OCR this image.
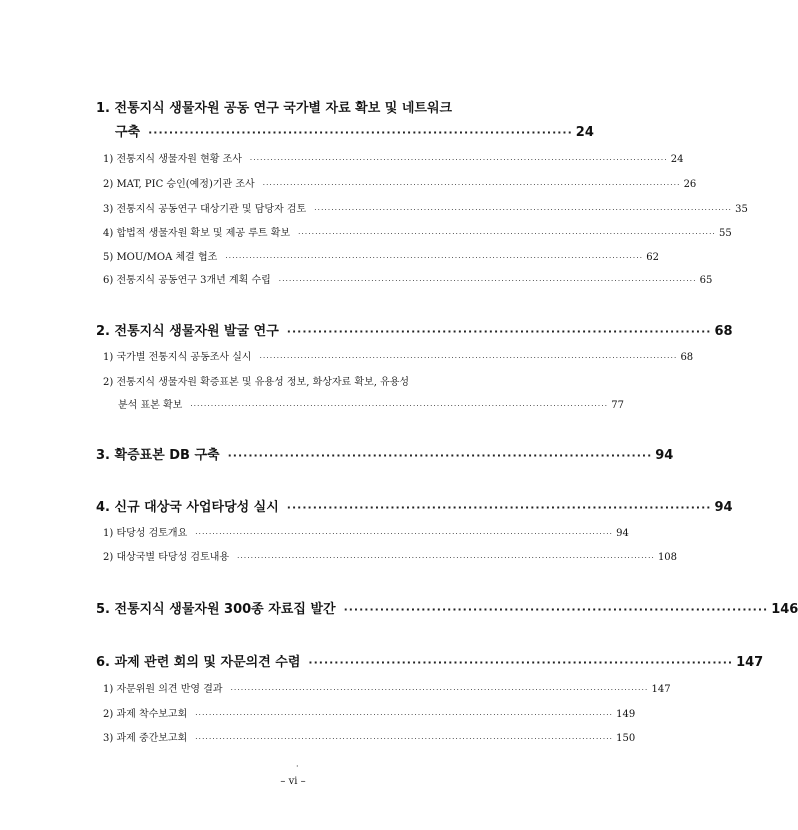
1. 전통지식 생물자원 공동 연구 국가별 자료 확보 및 네트워크
구축 ·················································································· 24
1) 전통지식 생물자원 현황 조사 ·························································································································· 24
2) MAT, PIC 승인(예정)기관 조사 ·························································································································· 26
3) 전통지식 공동연구 대상기관 및 담당자 검토 ·························································································································· 35
4) 합법적 생물자원 확보 및 제공 루트 확보 ·························································································································· 55
5) MOU/MOA 체결 협조 ·························································································································· 62
6) 전통지식 공동연구 3개년 계획 수립 ·························································································································· 65
2. 전통지식 생물자원 발굴 연구 ·················································································· 68
1) 국가별 전통지식 공동조사 실시 ·························································································································· 68
2) 전통지식 생물자원 확증표본 및 유용성 정보, 화상자료 확보, 유용성
분석 표본 확보 ·························································································································· 77
3. 확증표본 DB 구축 ·················································································· 94
4. 신규 대상국 사업타당성 실시 ·················································································· 94
1) 타당성 검토개요 ·························································································································· 94
2) 대상국별 타당성 검토내용 ·························································································································· 108
5. 전통지식 생물자원 300종 자료집 발간 ·················································································· 146
6. 과제 관련 회의 및 자문의견 수렴 ·················································································· 147
1) 자문위원 의견 반영 결과 ·························································································································· 147
2) 과제 착수보고회 ·························································································································· 149
3) 과제 중간보고회 ·························································································································· 150
·
– vi –
